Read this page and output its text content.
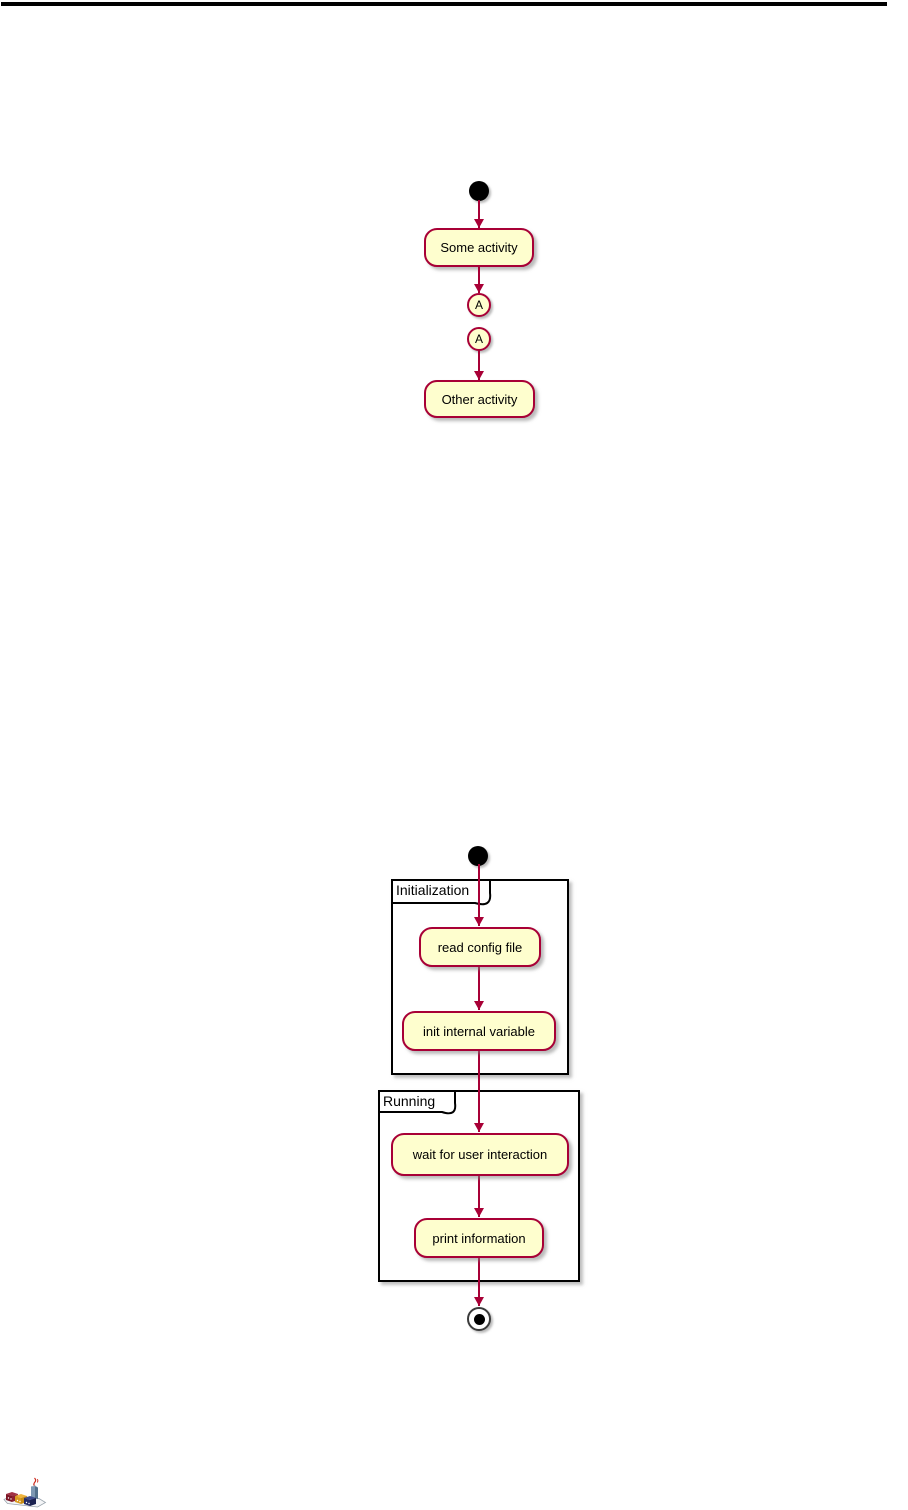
Some activity
A
A
Other activity
Initialization
Running
read config file
init internal variable
wait for user interaction
print information
